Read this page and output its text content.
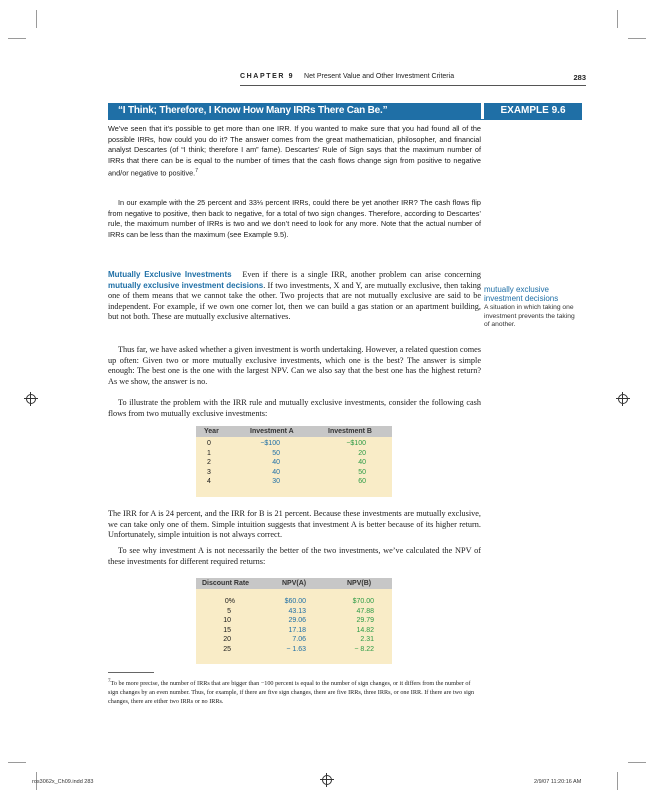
CHAPTER 9 Net Present Value and Other Investment Criteria	283
“I Think; Therefore, I Know How Many IRRs There Can Be.”	EXAMPLE 9.6

We’ve seen that it’s possible to get more than one IRR. If you wanted to make sure that you had found all of the possible IRRs, how could you do it? The answer comes from the great mathematician, philosopher, and financial analyst Descartes (of “I think; therefore I am” fame). Descartes’ Rule of Sign says that the maximum number of IRRs that there can be is equal to the number of times that the cash flows change sign from positive to negative and/or negative to positive.$^7$

In our example with the 25 percent and 33⅓ percent IRRs, could there be yet another IRR? The cash flows flip from negative to positive, then back to negative, for a total of two sign changes. Therefore, according to Descartes’ rule, the maximum number of IRRs is two and we don’t need to look for any more. Note that the actual number of IRRs can be less than the maximum (see Example 9.5).

Mutually Exclusive Investments Even if there is a single IRR, another problem can arise concerning mutually exclusive investment decisions. If two investments, X and Y, are mutually exclusive, then taking one of them means that we cannot take the other. Two projects that are not mutually exclusive are said to be independent. For example, if we own one corner lot, then we can build a gas station or an apartment building, but not both. These are mutually exclusive alternatives.

Thus far, we have asked whether a given investment is worth undertaking. However, a related question comes up often: Given two or more mutually exclusive investments, which one is the best? The answer is simple enough: The best one is the one with the largest NPV. Can we also say that the best one has the highest return? As we show, the answer is no.

To illustrate the problem with the IRR rule and mutually exclusive investments, consider the following cash flows from two mutually exclusive investments:

mutually exclusive investment decisions

A situation in which taking one investment prevents the taking of another.

Year	Investment A	Investment B
0	−$100	−$100
1	50	20
2	40	40
3	40	50
4	30	60

The IRR for A is 24 percent, and the IRR for B is 21 percent. Because these investments are mutually exclusive, we can take only one of them. Simple intuition suggests that investment A is better because of its higher return. Unfortunately, simple intuition is not always correct.

To see why investment A is not necessarily the better of the two investments, we’ve calculated the NPV of these investments for different required returns:

Discount Rate	NPV(A)	NPV(B)
0%	$60.00	$70.00
5	43.13	47.88
10	29.06	29.79
15	17.18	14.82
20	7.06	2.31
25	− 1.63	− 8.22

$^7$To be more precise, the number of IRRs that are bigger than −100 percent is equal to the number of sign changes, or it differs from the number of sign changes by an even number. Thus, for example, if there are five sign changes, there are five IRRs, three IRRs, or one IRR. If there are two sign changes, there are either two IRRs or no IRRs.

ros3062x_Ch09.indd 283	2/9/07 11:20:16 AM
